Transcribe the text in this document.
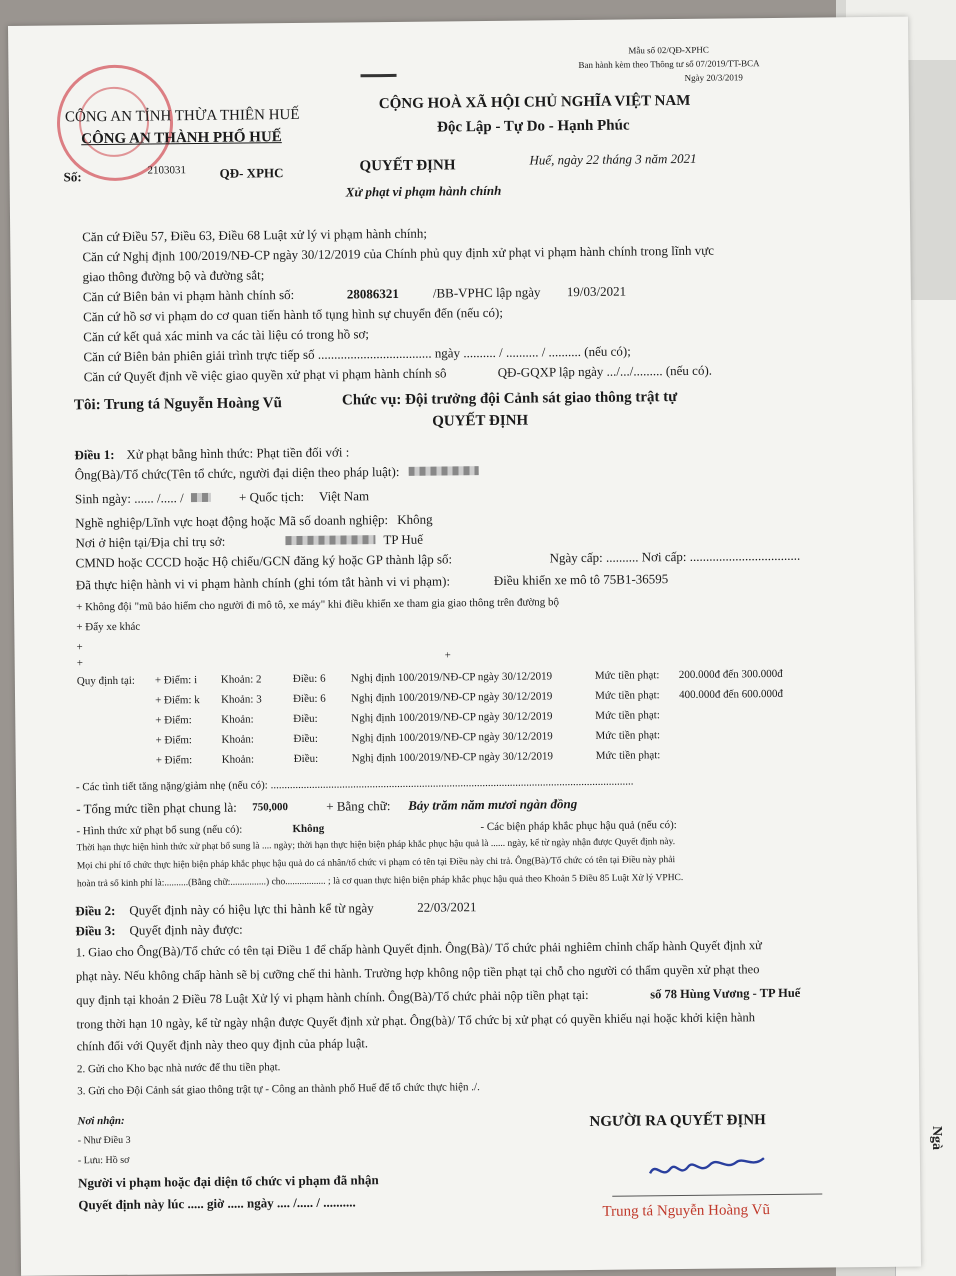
Ngà
Mẫu số 02/QĐ-XPHC
Ban hành kèm theo Thông tư số 07/2019/TT-BCA
Ngày 20/3/2019
CÔNG AN TỈNH THỪA THIÊN HUẾ
CÔNG AN THÀNH PHỐ HUẾ
CỘNG HOÀ XÃ HỘI CHỦ NGHĨA VIỆT NAM
Độc Lập - Tự Do - Hạnh Phúc
Huế, ngày 22 tháng 3 năm 2021
Số:	2103031	QĐ- XPHC	QUYẾT ĐỊNH
Xử phạt vi phạm hành chính
Căn cứ Điều 57, Điều 63, Điều 68 Luật xử lý vi phạm hành chính;
Căn cứ Nghị định 100/2019/NĐ-CP ngày 30/12/2019 của Chính phủ quy định xử phạt vi phạm hành chính trong lĩnh vực
giao thông đường bộ và đường sắt;
Căn cứ Biên bản vi phạm hành chính số:	28086321	/BB-VPHC lập ngày 19/03/2021
Căn cứ hồ sơ vi phạm do cơ quan tiến hành tố tụng hình sự chuyển đến (nếu có);
Căn cứ kết quả xác minh va các tài liệu có trong hồ sơ;
Căn cứ Biên bản phiên giải trình trực tiếp số ................................... ngày .......... / .......... / .......... (nếu có);
Căn cứ Quyết định về việc giao quyền xử phạt vi phạm hành chính sô	QĐ-GQXP lập ngày .../.../......... (nếu có).
Tôi: Trung tá Nguyễn Hoàng Vũ	Chức vụ: Đội trưởng đội Cảnh sát giao thông trật tự
QUYẾT ĐỊNH
Điều 1: Xử phạt bằng hình thức: Phạt tiền đối với :
Ông(Bà)/Tổ chức(Tên tổ chức, người đại diện theo pháp luật):
Sinh ngày: ...... /..... /	+ Quốc tịch: Việt Nam
Nghề nghiệp/Lĩnh vực hoạt động hoặc Mã số doanh nghiệp: Không
Nơi ở hiện tại/Địa chỉ trụ sở:	TP Huế
CMND hoặc CCCD hoặc Hộ chiếu/GCN đăng ký hoặc GP thành lập số:	Ngày cấp: .......... Nơi cấp: ..................................
Đã thực hiện hành vi vi phạm hành chính (ghi tóm tắt hành vi vi phạm):	Điều khiển xe mô tô 75B1-36595
+ Không đội "mũ bảo hiểm cho người đi mô tô, xe máy" khi điều khiển xe tham gia giao thông trên đường bộ
+ Đẩy xe khác
+
+
+
Quy định tại: + Điểm: i Khoản: 2	Điều: 6 Nghị định 100/2019/NĐ-CP ngày 30/12/2019	Mức tiền phạt: 200.000đ đến 300.000đ
+ Điểm: k Khoản: 3	Điều: 6 Nghị định 100/2019/NĐ-CP ngày 30/12/2019	Mức tiền phạt: 400.000đ đến 600.000đ
+ Điểm:	Khoản:	Điều:	Nghị định 100/2019/NĐ-CP ngày 30/12/2019	Mức tiền phạt:
+ Điểm:	Khoản:	Điều:	Nghị định 100/2019/NĐ-CP ngày 30/12/2019	Mức tiền phạt:
+ Điểm:	Khoản:	Điều:	Nghị định 100/2019/NĐ-CP ngày 30/12/2019	Mức tiền phạt:
- Các tình tiết tăng nặng/giảm nhẹ (nếu có): ....................................................................................................................................
- Tổng mức tiền phạt chung là: 750,000	+ Bằng chữ: Bảy trăm năm mươi ngàn đồng
- Hình thức xử phạt bổ sung (nếu có):	Không	- Các biện pháp khắc phục hậu quả (nếu có):
Thời hạn thực hiện hình thức xử phạt bổ sung là .... ngày; thời hạn thực hiện biện pháp khắc phục hậu quả là ...... ngày, kể từ ngày nhận được Quyết định này.
Mọi chi phí tổ chức thực hiện biện pháp khắc phục hậu quả do cá nhân/tổ chức vi phạm có tên tại Điều này chi trả. Ông(Bà)/Tổ chức có tên tại Điều này phải
hoàn trả số kinh phí là:..........(Bằng chữ:...............) cho................. ; là cơ quan thực hiện biện pháp khắc phục hậu quả theo Khoản 5 Điều 85 Luật Xử lý VPHC.
Điều 2: Quyết định này có hiệu lực thi hành kể từ ngày	22/03/2021
Điều 3: Quyết định này được:
1. Giao cho Ông(Bà)/Tổ chức có tên tại Điều 1 để chấp hành Quyết định. Ông(Bà)/ Tổ chức phải nghiêm chỉnh chấp hành Quyết định xử
phạt này. Nếu không chấp hành sẽ bị cưỡng chế thi hành. Trường hợp không nộp tiền phạt tại chỗ cho người có thẩm quyền xử phạt theo
quy định tại khoản 2 Điều 78 Luật Xử lý vi phạm hành chính. Ông(Bà)/Tổ chức phải nộp tiền phạt tại:	số 78 Hùng Vương - TP Huế
trong thời hạn 10 ngày, kể từ ngày nhận được Quyết định xử phạt. Ông(bà)/ Tổ chức bị xử phạt có quyền khiếu nại hoặc khởi kiện hành
chính đối với Quyết định này theo quy định của pháp luật.
2. Gửi cho Kho bạc nhà nước để thu tiền phạt.
3. Gửi cho Đội Cảnh sát giao thông trật tự - Công an thành phố Huế để tổ chức thực hiện ./.
Nơi nhận:
- Như Điều 3
- Lưu: Hồ sơ
NGƯỜI RA QUYẾT ĐỊNH
Trung tá Nguyễn Hoàng Vũ
Người vi phạm hoặc đại diện tổ chức vi phạm đã nhận
Quyết định này lúc ..... giờ ..... ngày .... /..... / ..........
